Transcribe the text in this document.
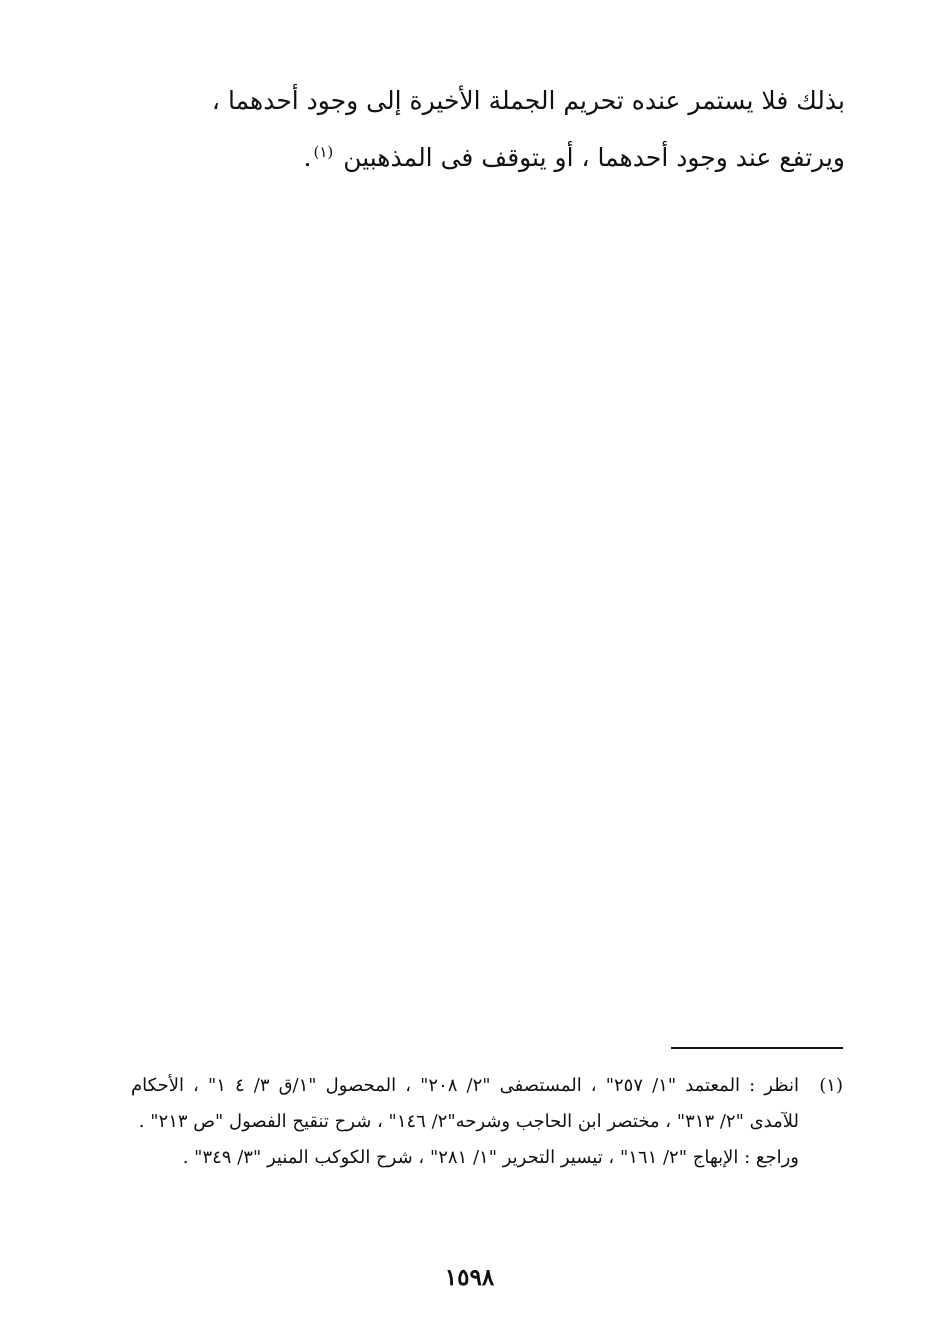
بذلك فلا يستمر عنده تحريم الجملة الأخيرة إلى وجود أحدهما ،

ويرتفع عند وجود أحدهما ، أو يتوقف فى المذهبين $^{(١)}$.

(١)

انظر : المعتمد "١/ ٢٥٧" ، المستصفى "٢/ ٢٠٨" ، المحصول "١/ق ٣/ ٤ ١" ، الأحكام للآمدى "٢/ ٣١٣" ، مختصر ابن الحاجب وشرحه"٢/ ١٤٦" ، شرح تنقيح الفصول "ص ٢١٣" .

وراجع : الإبهاج "٢/ ١٦١" ، تيسير التحرير "١/ ٢٨١" ، شرح الكوكب المنير "٣/ ٣٤٩" .

١٥٩٨
